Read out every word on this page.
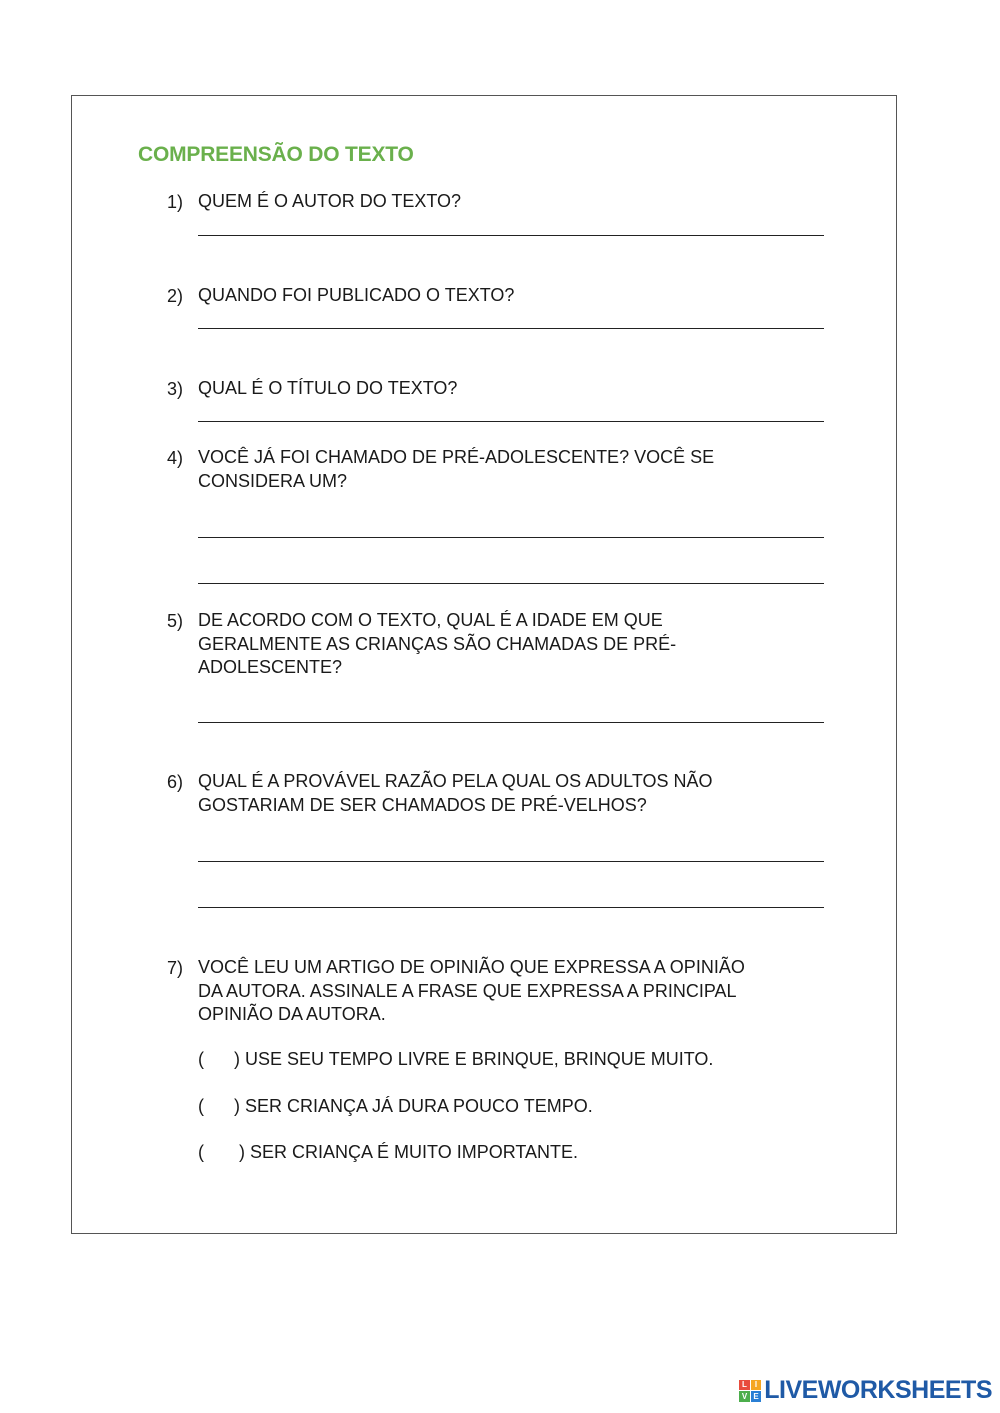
COMPREENSÃO DO TEXTO
1) QUEM É O AUTOR DO TEXTO?
2) QUANDO FOI PUBLICADO O TEXTO?
3) QUAL É O TÍTULO DO TEXTO?
4) VOCÊ JÁ FOI CHAMADO DE PRÉ-ADOLESCENTE? VOCÊ SE
CONSIDERA UM?
5) DE ACORDO COM O TEXTO, QUAL É A IDADE EM QUE
GERALMENTE AS CRIANÇAS SÃO CHAMADAS DE PRÉ-
ADOLESCENTE?
6) QUAL É A PROVÁVEL RAZÃO PELA QUAL OS ADULTOS NÃO
GOSTARIAM DE SER CHAMADOS DE PRÉ-VELHOS?
7) VOCÊ LEU UM ARTIGO DE OPINIÃO QUE EXPRESSA A OPINIÃO
DA AUTORA. ASSINALE A FRASE QUE EXPRESSA A PRINCIPAL
OPINIÃO DA AUTORA.
(      ) USE SEU TEMPO LIVRE E BRINQUE, BRINQUE MUITO.
(      ) SER CRIANÇA JÁ DURA POUCO TEMPO.
(       ) SER CRIANÇA É MUITO IMPORTANTE.
L I
V E LIVEWORKSHEETS
